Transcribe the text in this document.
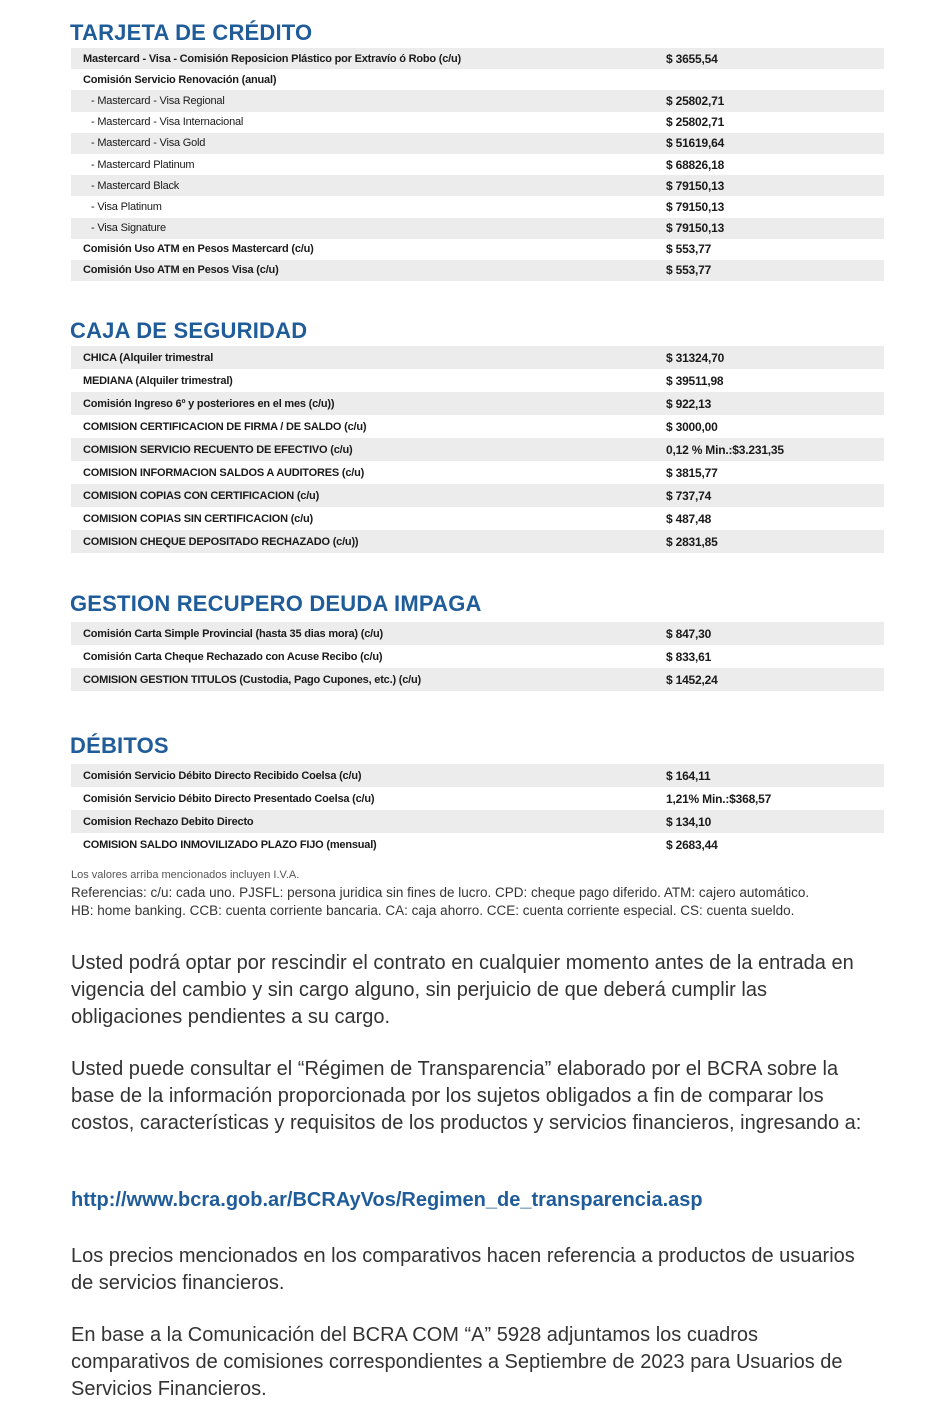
TARJETA DE CRÉDITO
Mastercard - Visa - Comisión Reposicion Plástico por Extravío ó Robo (c/u)	$ 3655,54
Comisión Servicio Renovación (anual)
- Mastercard - Visa Regional	$ 25802,71
- Mastercard - Visa Internacional	$ 25802,71
- Mastercard - Visa Gold	$ 51619,64
- Mastercard Platinum	$ 68826,18
- Mastercard Black	$ 79150,13
- Visa Platinum	$ 79150,13
- Visa Signature	$ 79150,13
Comisión Uso ATM en Pesos Mastercard (c/u)	$ 553,77
Comisión Uso ATM en Pesos Visa (c/u)	$ 553,77
CAJA DE SEGURIDAD
CHICA (Alquiler trimestral	$ 31324,70
MEDIANA (Alquiler trimestral)	$ 39511,98
Comisión Ingreso 6º y posteriores en el mes (c/u))	$ 922,13
COMISION CERTIFICACION DE FIRMA / DE SALDO (c/u)	$ 3000,00
COMISION SERVICIO RECUENTO DE EFECTIVO (c/u)	0,12 % Min.:$3.231,35
COMISION INFORMACION SALDOS A AUDITORES (c/u)	$ 3815,77
COMISION COPIAS CON CERTIFICACION (c/u)	$ 737,74
COMISION COPIAS SIN CERTIFICACION (c/u)	$ 487,48
COMISION CHEQUE DEPOSITADO RECHAZADO (c/u))	$ 2831,85
GESTION RECUPERO DEUDA IMPAGA
Comisión Carta Simple Provincial (hasta 35 dias mora) (c/u)	$ 847,30
Comisión Carta Cheque Rechazado con Acuse Recibo (c/u)	$ 833,61
COMISION GESTION TITULOS (Custodia, Pago Cupones, etc.) (c/u)	$ 1452,24
DÉBITOS
Comisión Servicio Débito Directo Recibido Coelsa (c/u)	$ 164,11
Comisión Servicio Débito Directo Presentado Coelsa (c/u)	1,21% Min.:$368,57
Comision Rechazo Debito Directo	$ 134,10
COMISION SALDO INMOVILIZADO PLAZO FIJO (mensual)	$ 2683,44
Los valores arriba mencionados incluyen I.V.A.
Referencias: c/u: cada uno. PJSFL: persona juridica sin fines de lucro. CPD: cheque pago diferido. ATM: cajero automático.
HB: home banking. CCB: cuenta corriente bancaria. CA: caja ahorro. CCE: cuenta corriente especial. CS: cuenta sueldo.

Usted podrá optar por rescindir el contrato en cualquier momento antes de la entrada en vigencia del cambio y sin cargo alguno, sin perjuicio de que deberá cumplir las obligaciones pendientes a su cargo.

Usted puede consultar el “Régimen de Transparencia” elaborado por el BCRA sobre la base de la información proporcionada por los sujetos obligados a fin de comparar los costos, características y requisitos de los productos y servicios financieros, ingresando a:

http://www.bcra.gob.ar/BCRAyVos/Regimen_de_transparencia.asp

Los precios mencionados en los comparativos hacen referencia a productos de usuarios de servicios financieros.

En base a la Comunicación del BCRA COM “A” 5928 adjuntamos los cuadros comparativos de comisiones correspondientes a Septiembre de 2023 para Usuarios de Servicios Financieros.
